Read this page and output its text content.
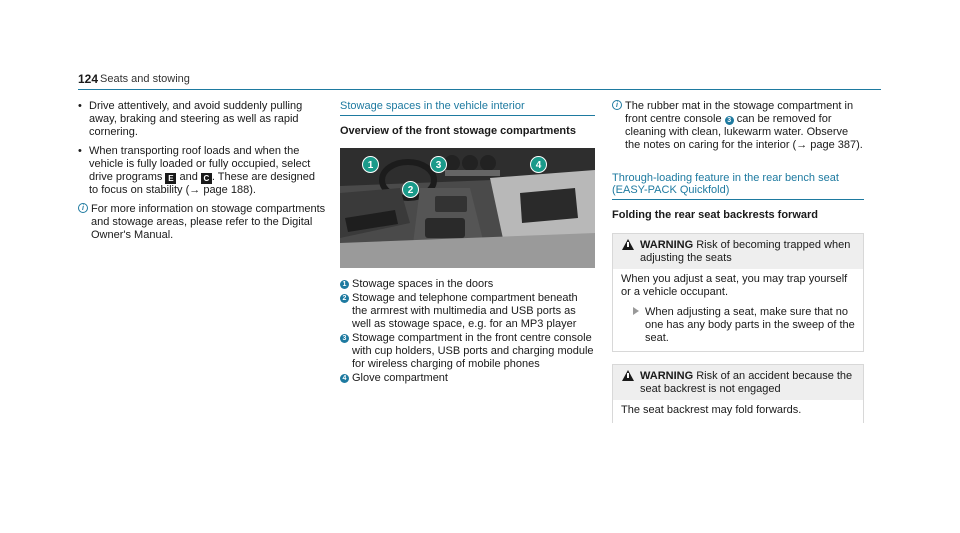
124 Seats and stowing
• Drive attentively, and avoid suddenly pulling away, braking and steering as well as rapid cornering.
• When transporting roof loads and when the vehicle is fully loaded or fully occupied, select drive programs E and C . These are designed to focus on stability (→ page 188).
i For more information on stowage compartments and stowage areas, please refer to the Digital Owner's Manual.
Stowage spaces in the vehicle interior
Overview of the front stowage compartments
1
2
3	4
1 Stowage spaces in the doors
2 Stowage and telephone compartment beneath the armrest with multimedia and USB ports as well as stowage space, e.g. for an MP3 player
3 Stowage compartment in the front centre console with cup holders, USB ports and charging module for wireless charging of mobile phones
4 Glove compartment
i The rubber mat in the stowage compartment in front centre console 3 can be removed for cleaning with clean, lukewarm water. Observe the notes on caring for the interior (→ page 387).
Through-loading feature in the rear bench seat
(EASY-PACK Quickfold)
Folding the rear seat backrests forward
WARNING Risk of becoming trapped when adjusting the seats
When you adjust a seat, you may trap yourself or a vehicle occupant.
When adjusting a seat, make sure that no one has any body parts in the sweep of the seat.
WARNING Risk of an accident because the seat backrest is not engaged
The seat backrest may fold forwards.
